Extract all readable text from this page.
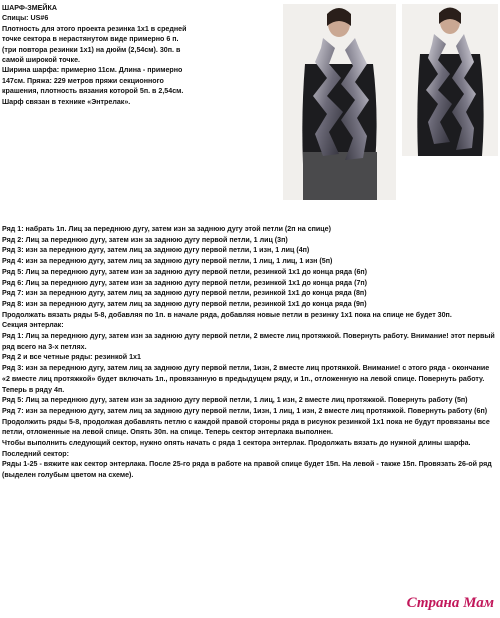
ШАРФ-ЗМЕЙКА

Спицы: US#6

Плотность для этого проекта резинка 1х1 в средней

точке сектора в нерастянутом виде примерно 6 п.

(три повтора резинки 1х1) на дюйм (2,54см). 30п. в

самой широкой точке.

Ширина шарфа: примерно 11см. Длина - примерно

147см. Пряжа: 229 метров пряжи секционного

крашения, плотность вязания которой 5п. в 2,54см.

Шарф связан в технике «Энтрелак».

Ряд 1: набрать 1п. Лиц за переднюю дугу, затем изн за заднюю дугу этой петли (2п на спице)

Ряд 2: Лиц за переднюю дугу, затем изн за заднюю дугу первой петли, 1 лиц (3п)

Ряд 3: изн за переднюю дугу, затем лиц за заднюю дугу первой петли, 1 изн, 1 лиц (4п)

Ряд 4: изн за переднюю дугу, затем лиц за заднюю дугу первой петли, 1 лиц, 1 лиц, 1 изн (5п)

Ряд 5: Лиц за переднюю дугу, затем изн за заднюю дугу первой петли, резинкой 1х1 до конца ряда (6п)

Ряд 6: Лиц за переднюю дугу, затем изн за заднюю дугу первой петли, резинкой 1х1 до конца ряда (7п)

Ряд 7: изн за переднюю дугу, затем лиц за заднюю дугу первой петли, резинкой 1х1 до конца ряда (8п)

Ряд 8: изн за переднюю дугу, затем лиц за заднюю дугу первой петли, резинкой 1х1 до конца ряда (9п)

Продолжать вязать ряды 5-8, добавляя по 1п. в начале ряда, добавляя новые петли в резинку 1х1 пока на спице не будет 30п.

Секция энтерлак:

Ряд 1: Лиц за переднюю дугу, затем изн за заднюю дугу первой петли, 2 вместе лиц протяжкой. Повернуть работу. Внимание! этот первый ряд всего на 3-х петлях.

Ряд 2 и все четные ряды: резинкой 1х1

Ряд 3: изн за переднюю дугу, затем лиц за заднюю дугу первой петли, 1изн, 2 вместе лиц протяжкой. Внимание! с этого ряда - окончание «2 вместе лиц протяжкой» будет включать 1п., провязанную в предыдущем ряду, и 1п., отложенную на левой спице. Повернуть работу. Теперь в ряду 4п.

Ряд 5: Лиц за переднюю дугу, затем изн за заднюю дугу первой петли, 1 лиц, 1 изн, 2 вместе лиц протяжкой. Повернуть работу (5п)

Ряд 7: изн за переднюю дугу, затем лиц за заднюю дугу первой петли, 1изн, 1 лиц, 1 изн, 2 вместе лиц протяжкой. Повернуть работу (6п)

Продолжить ряды 5-8, продолжая добавлять петлю с каждой правой стороны ряда в рисунок резинкой 1х1 пока не будут провязаны все петли, отложенные на левой спице. Опять 30п. на спице. Теперь сектор энтерлака выполнен.

Чтобы выполнить следующий сектор, нужно опять начать с ряда 1 сектора энтерлак. Продолжать вязать до нужной длины шарфа.

Последний сектор:

Ряды 1-25 - вяжите как сектор энтерлака. После 25-го ряда в работе на правой спице будет 15п. На левой - также 15п. Провязать 26-ой ряд (выделен голубым цветом на схеме).

Страна Мам
